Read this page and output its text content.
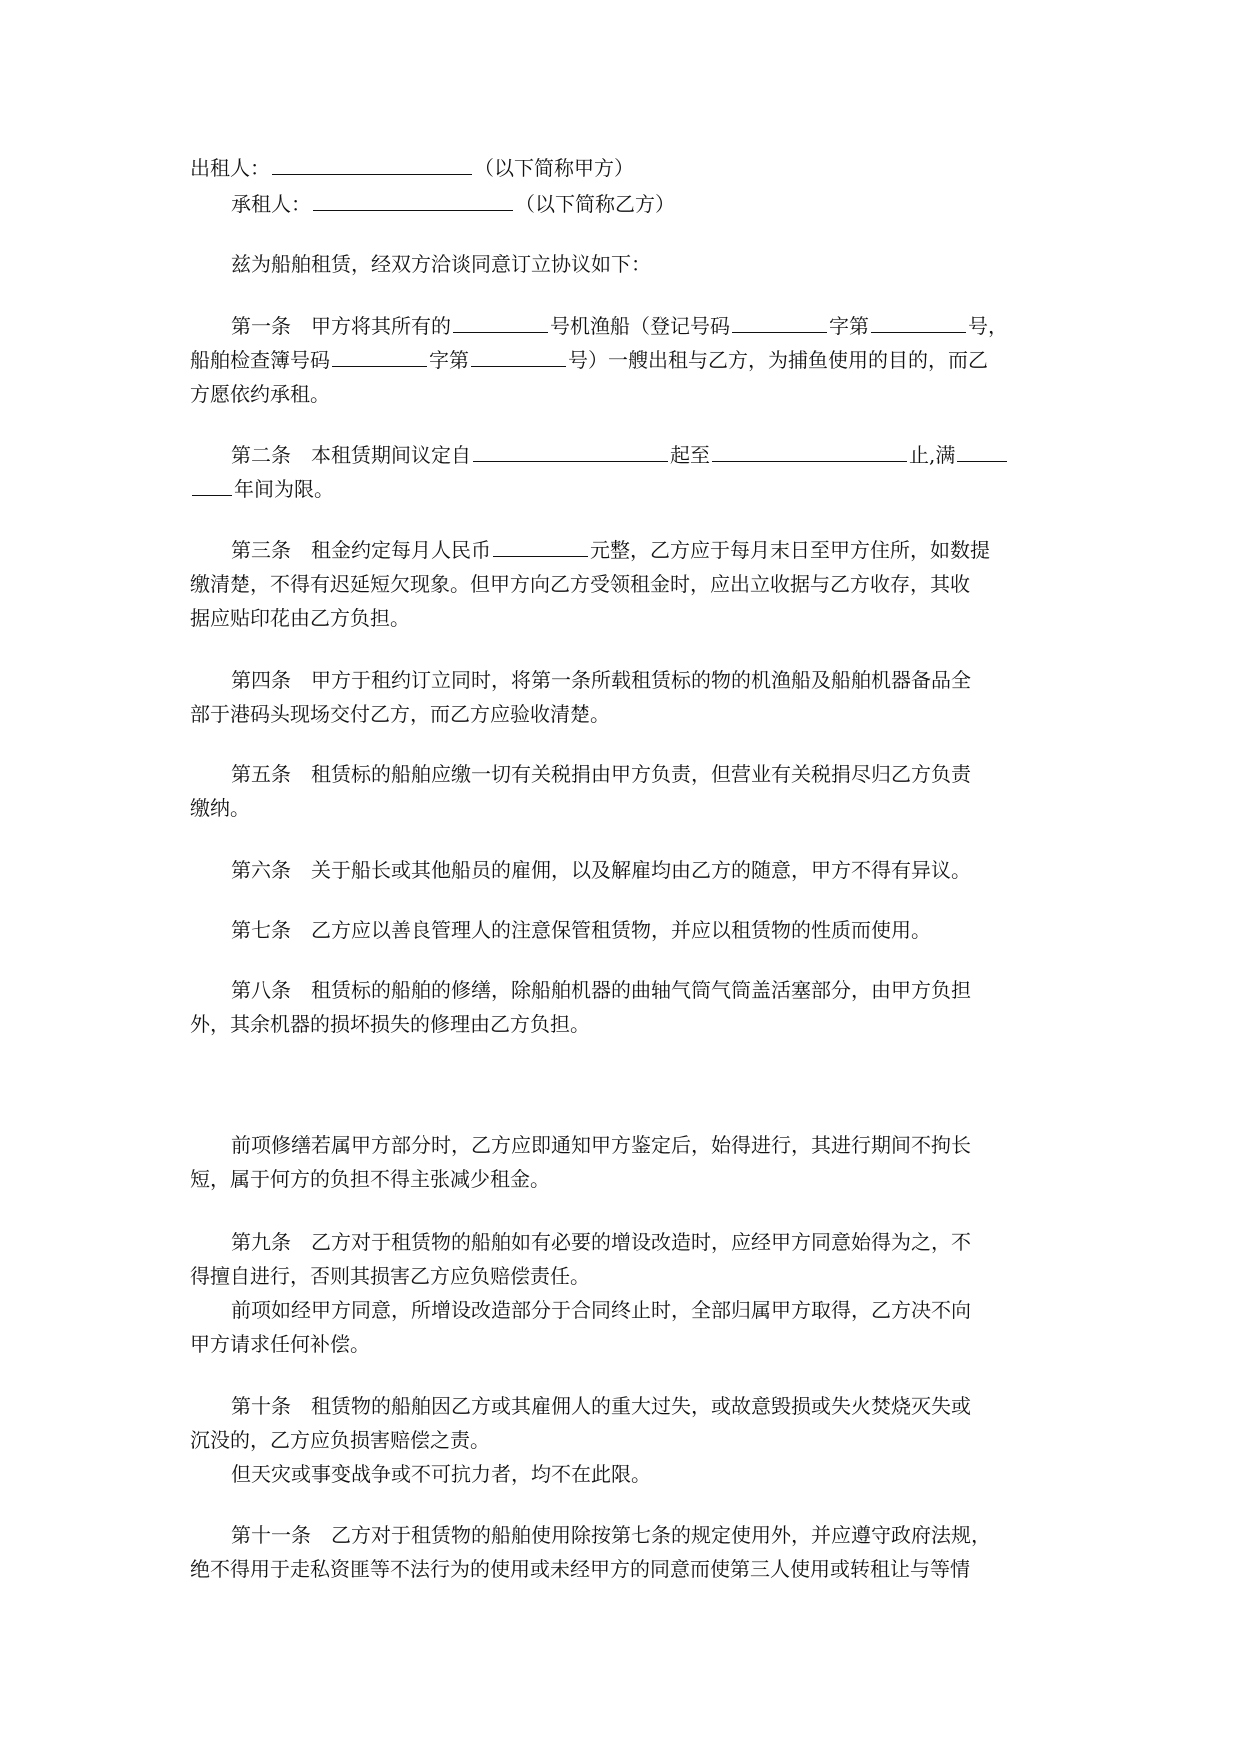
出租人：	（以下简称甲方）
承租人：	（以下简称乙方）
兹为船舶租赁，经双方洽谈同意订立协议如下：
第一条 甲方将其所有的	号机渔船（登记号码	字第	号，
船舶检查簿号码	字第	号）一艘出租与乙方，为捕鱼使用的目的，而乙
方愿依约承租。
第二条 本租赁期间议定自	起至	止,满
年间为限。
第三条 租金约定每月人民币	元整，乙方应于每月末日至甲方住所，如数提
缴清楚，不得有迟延短欠现象。但甲方向乙方受领租金时，应出立收据与乙方收存，其收
据应贴印花由乙方负担。
第四条 甲方于租约订立同时，将第一条所载租赁标的物的机渔船及船舶机器备品全
部于港码头现场交付乙方，而乙方应验收清楚。
第五条 租赁标的船舶应缴一切有关税捐由甲方负责，但营业有关税捐尽归乙方负责
缴纳。
第六条 关于船长或其他船员的雇佣，以及解雇均由乙方的随意，甲方不得有异议。
第七条 乙方应以善良管理人的注意保管租赁物，并应以租赁物的性质而使用。
第八条 租赁标的船舶的修缮，除船舶机器的曲轴气筒气筒盖活塞部分，由甲方负担
外，其余机器的损坏损失的修理由乙方负担。
前项修缮若属甲方部分时，乙方应即通知甲方鉴定后，始得进行，其进行期间不拘长
短，属于何方的负担不得主张减少租金。
第九条 乙方对于租赁物的船舶如有必要的增设改造时，应经甲方同意始得为之，不
得擅自进行，否则其损害乙方应负赔偿责任。
前项如经甲方同意，所增设改造部分于合同终止时，全部归属甲方取得，乙方决不向
甲方请求任何补偿。
第十条 租赁物的船舶因乙方或其雇佣人的重大过失，或故意毁损或失火焚烧灭失或
沉没的，乙方应负损害赔偿之责。
但天灾或事变战争或不可抗力者，均不在此限。
第十一条 乙方对于租赁物的船舶使用除按第七条的规定使用外，并应遵守政府法规，
绝不得用于走私资匪等不法行为的使用或未经甲方的同意而使第三人使用或转租让与等情
